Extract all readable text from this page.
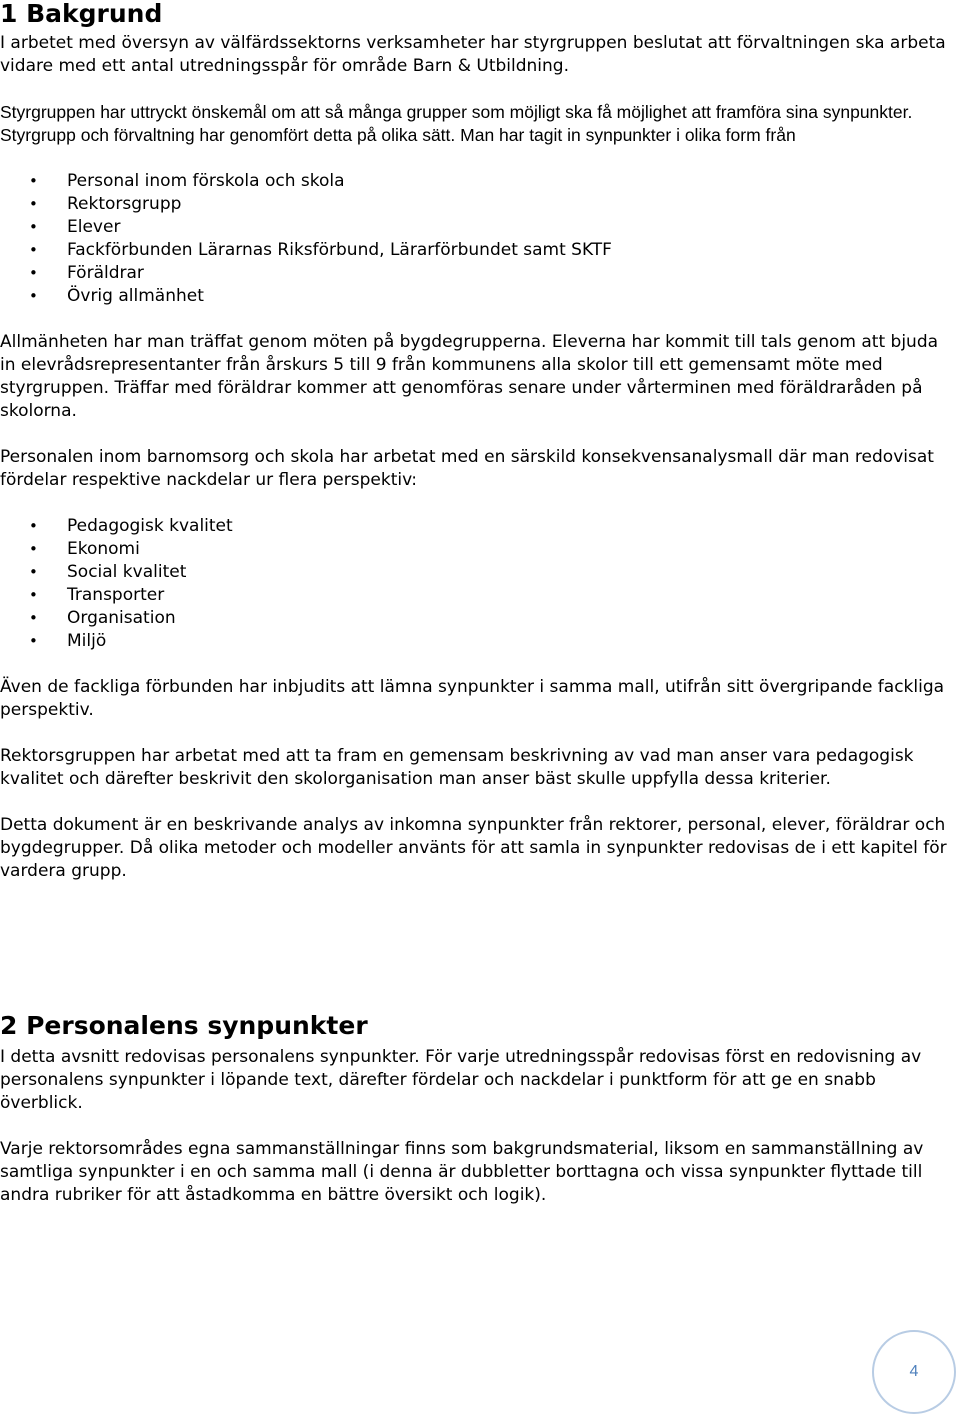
1 Bakgrund

I arbetet med översyn av välfärdssektorns verksamheter har styrgruppen beslutat att förvaltningen ska arbeta vidare med ett antal utredningsspår för område Barn & Utbildning.

Styrgruppen har uttryckt önskemål om att så många grupper som möjligt ska få möjlighet att framföra sina synpunkter. Styrgrupp och förvaltning har genomfört detta på olika sätt. Man har tagit in synpunkter i olika form från

• Personal inom förskola och skola
• Rektorsgrupp
• Elever
• Fackförbunden Lärarnas Riksförbund, Lärarförbundet samt SKTF
• Föräldrar
• Övrig allmänhet

Allmänheten har man träffat genom möten på bygdegrupperna. Eleverna har kommit till tals genom att bjuda in elevrådsrepresentanter från årskurs 5 till 9 från kommunens alla skolor till ett gemensamt möte med styrgruppen. Träffar med föräldrar kommer att genomföras senare under vårterminen med föräldraråden på skolorna.

Personalen inom barnomsorg och skola har arbetat med en särskild konsekvensanalysmall där man redovisat fördelar respektive nackdelar ur flera perspektiv:

• Pedagogisk kvalitet
• Ekonomi
• Social kvalitet
• Transporter
• Organisation
• Miljö

Även de fackliga förbunden har inbjudits att lämna synpunkter i samma mall, utifrån sitt övergripande fackliga perspektiv.

Rektorsgruppen har arbetat med att ta fram en gemensam beskrivning av vad man anser vara pedagogisk kvalitet och därefter beskrivit den skolorganisation man anser bäst skulle uppfylla dessa kriterier.

Detta dokument är en beskrivande analys av inkomna synpunkter från rektorer, personal, elever, föräldrar och bygdegrupper. Då olika metoder och modeller använts för att samla in synpunkter redovisas de i ett kapitel för vardera grupp.

2 Personalens synpunkter

I detta avsnitt redovisas personalens synpunkter. För varje utredningsspår redovisas först en redovisning av personalens synpunkter i löpande text, därefter fördelar och nackdelar i punktform för att ge en snabb överblick.

Varje rektorsområdes egna sammanställningar finns som bakgrundsmaterial, liksom en sammanställning av samtliga synpunkter i en och samma mall (i denna är dubbletter borttagna och vissa synpunkter flyttade till andra rubriker för att åstadkomma en bättre översikt och logik).

4
